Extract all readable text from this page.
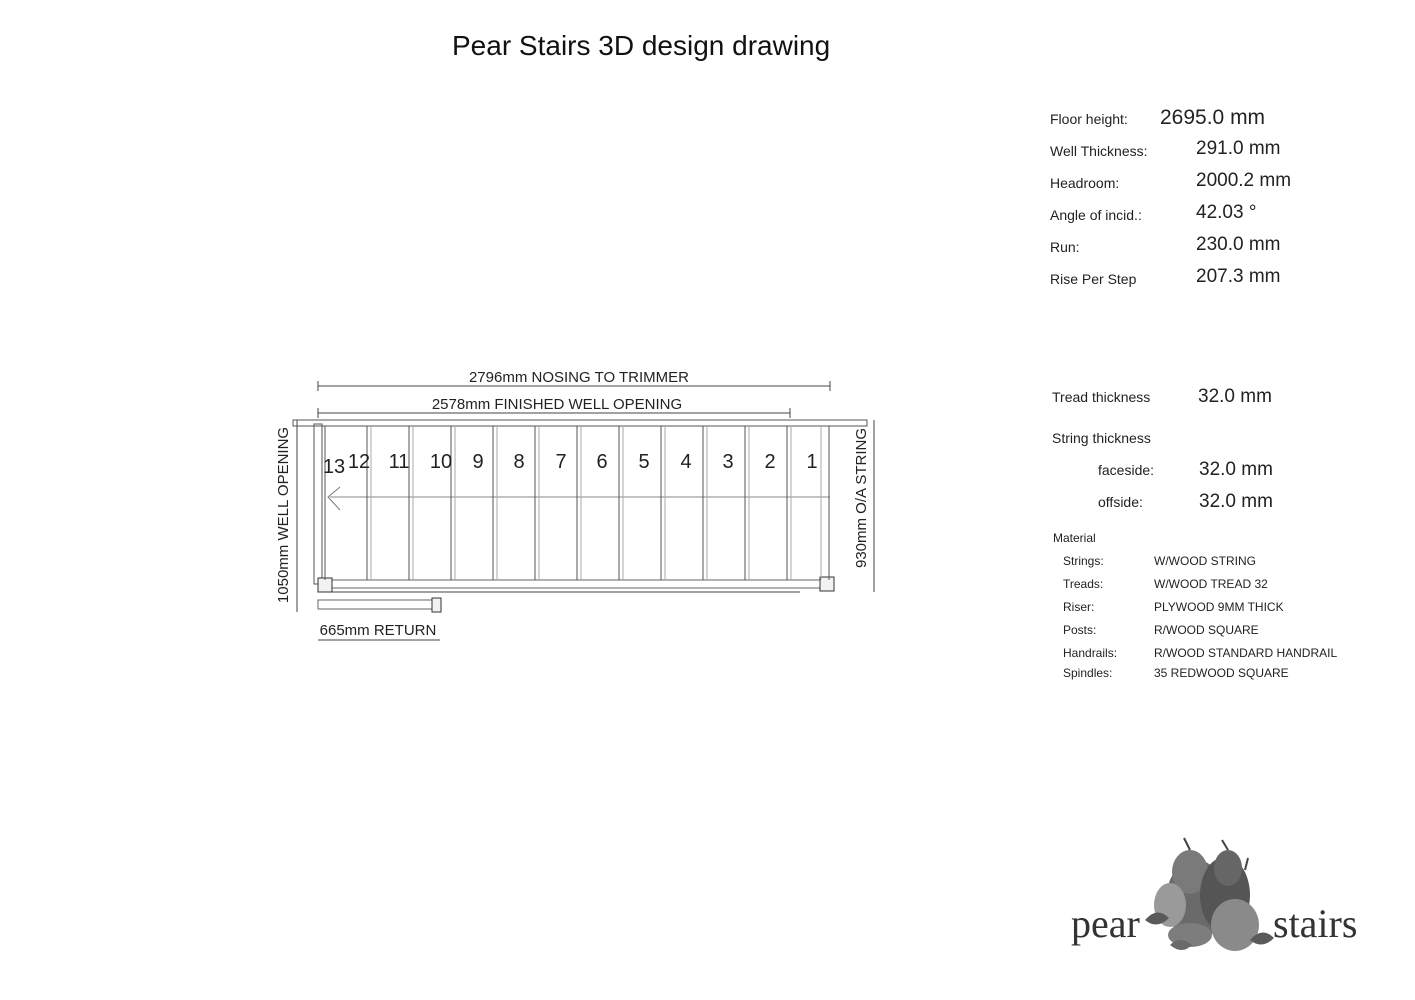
Pear Stairs 3D design drawing
Floor height: 2695.0 mm
Well Thickness:	291.0 mm
Headroom:	2000.2 mm
Angle of incid.:	42.03 °
Run:	230.0 mm
Rise Per Step	207.3 mm
Tread thickness	32.0 mm
String thickness
faceside: 32.0 mm
offside:	32.0 mm
Material
Strings:	W/WOOD STRING
Treads:	W/WOOD TREAD 32
Riser:	PLYWOOD 9MM THICK
Posts:	R/WOOD SQUARE
Handrails:	R/WOOD STANDARD HANDRAIL
Spindles:	35 REDWOOD SQUARE
2796mm NOSING TO TRIMMER
2578mm FINISHED WELL OPENING
1050mm WELL OPENING	930mm O/A STRING
665mm RETURN
13 12 11 10 9 8 7 6 5 4 3 2 1
pear	stairs
